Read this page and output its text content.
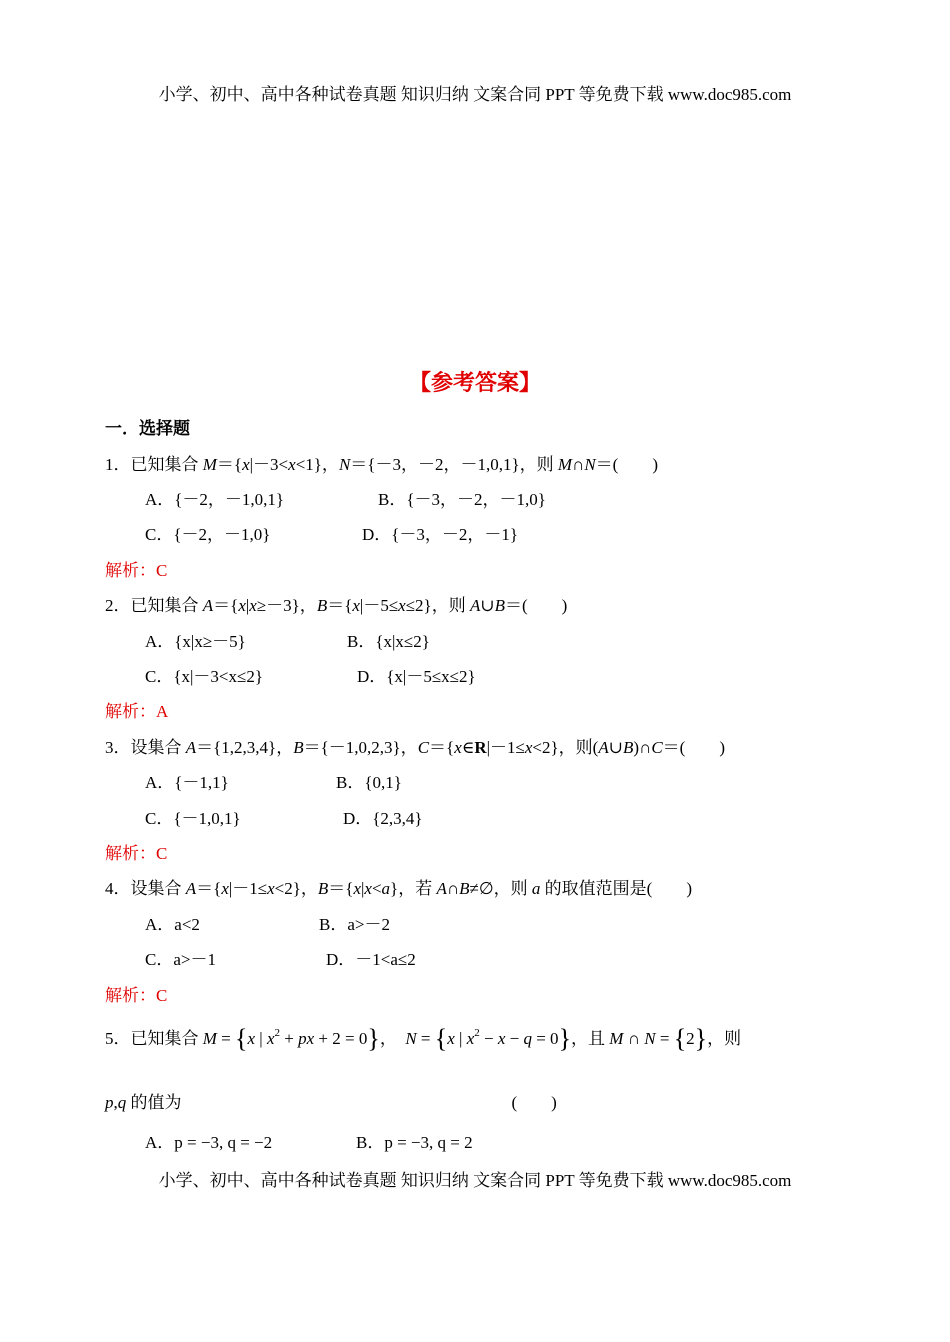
小学、初中、高中各种试卷真题 知识归纳 文案合同 PPT 等免费下载 www.doc985.com
【参考答案】
一．选择题
1．已知集合 M＝{x|－3<x<1}，N＝{－3，－2，－1,0,1}，则 M∩N＝(　　)
A．{－2，－1,0,1}	B．{－3，－2，－1,0}
C．{－2，－1,0}	D．{－3，－2，－1}
解析：C
2．已知集合 A＝{x|x≥－3}，B＝{x|－5≤x≤2}，则 A∪B＝(　　)
A．{x|x≥－5}	B．{x|x≤2}
C．{x|－3<x≤2}	D．{x|－5≤x≤2}
解析：A
3．设集合 A＝{1,2,3,4}，B＝{－1,0,2,3}，C＝{x∈R|－1≤x<2}，则(A∪B)∩C＝(　　)
A．{－1,1}	B．{0,1}
C．{－1,0,1}	D．{2,3,4}
解析：C
4．设集合 A＝{x|－1≤x<2}，B＝{x|x<a}，若 A∩B≠∅，则 a 的取值范围是(　　)
A．a<2	B．a>－2
C．a>－1	D．－1<a≤2
解析：C
5．已知集合 M = {x | $x^2$ + px + 2 = 0}，  N = {x | $x^2 - x - q = 0$}，且 M ∩ N = {2}，则
p,q 的值为	(　　)
A．p = −3, q = −2	B．p = −3, q = 2
小学、初中、高中各种试卷真题 知识归纳 文案合同 PPT 等免费下载 www.doc985.com
